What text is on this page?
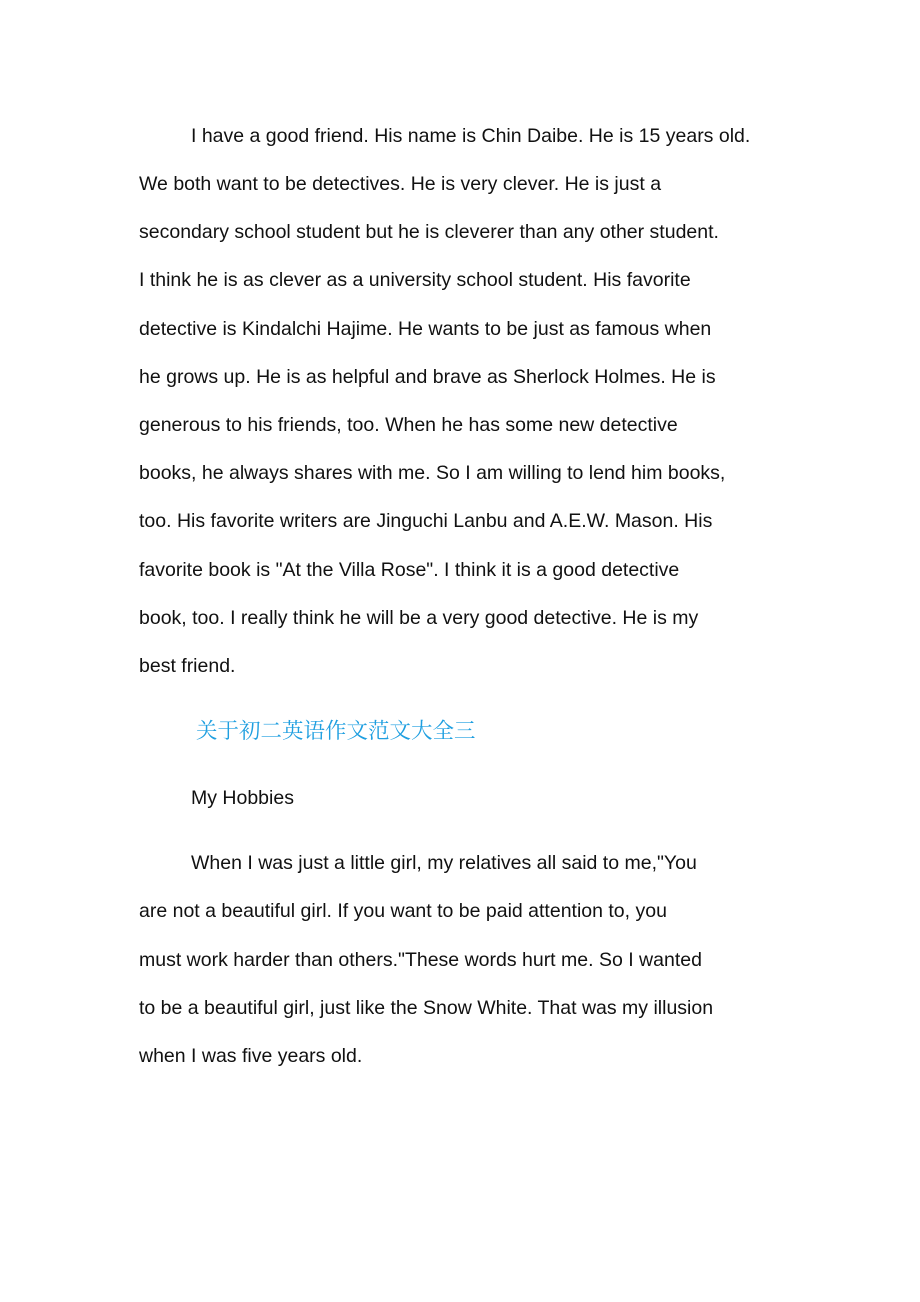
I have a good friend. His name is Chin Daibe. He is 15 years old.
We both want to be detectives. He is very clever. He is just a
secondary school student but he is cleverer than any other student.
I think he is as clever as a university school student. His favorite
detective is Kindalchi Hajime. He wants to be just as famous when
he grows up. He is as helpful and brave as Sherlock Holmes. He is
generous to his friends, too. When he has some new detective
books, he always shares with me. So I am willing to lend him books,
too. His favorite writers are Jinguchi Lanbu and A.E.W. Mason. His
favorite book is "At the Villa Rose". I think it is a good detective
book, too. I really think he will be a very good detective. He is my
best friend.
关于初二英语作文范文大全三
My Hobbies
When I was just a little girl, my relatives all said to me,"You
are not a beautiful girl. If you want to be paid attention to, you
must work harder than others."These words hurt me. So I wanted
to be a beautiful girl, just like the Snow White. That was my illusion
when I was five years old.
